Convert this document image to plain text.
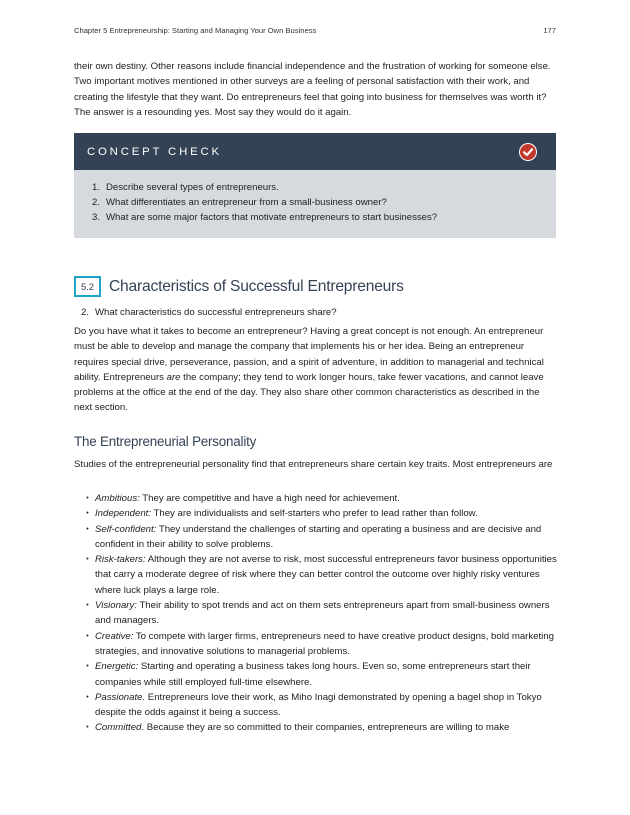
Chapter 5 Entrepreneurship: Starting and Managing Your Own Business	177
their own destiny. Other reasons include financial independence and the frustration of working for someone else. Two important motives mentioned in other surveys are a feeling of personal satisfaction with their work, and creating the lifestyle that they want. Do entrepreneurs feel that going into business for themselves was worth it? The answer is a resounding yes. Most say they would do it again.
CONCEPT CHECK
1. Describe several types of entrepreneurs.
2. What differentiates an entrepreneur from a small-business owner?
3. What are some major factors that motivate entrepreneurs to start businesses?
5.2 Characteristics of Successful Entrepreneurs
2. What characteristics do successful entrepreneurs share?
Do you have what it takes to become an entrepreneur? Having a great concept is not enough. An entrepreneur must be able to develop and manage the company that implements his or her idea. Being an entrepreneur requires special drive, perseverance, passion, and a spirit of adventure, in addition to managerial and technical ability. Entrepreneurs are the company; they tend to work longer hours, take fewer vacations, and cannot leave problems at the office at the end of the day. They also share other common characteristics as described in the next section.
The Entrepreneurial Personality
Studies of the entrepreneurial personality find that entrepreneurs share certain key traits. Most entrepreneurs are
• Ambitious: They are competitive and have a high need for achievement.
• Independent: They are individualists and self-starters who prefer to lead rather than follow.
• Self-confident: They understand the challenges of starting and operating a business and are decisive and confident in their ability to solve problems.
• Risk-takers: Although they are not averse to risk, most successful entrepreneurs favor business opportunities that carry a moderate degree of risk where they can better control the outcome over highly risky ventures where luck plays a large role.
• Visionary: Their ability to spot trends and act on them sets entrepreneurs apart from small-business owners and managers.
• Creative: To compete with larger firms, entrepreneurs need to have creative product designs, bold marketing strategies, and innovative solutions to managerial problems.
• Energetic: Starting and operating a business takes long hours. Even so, some entrepreneurs start their companies while still employed full-time elsewhere.
• Passionate. Entrepreneurs love their work, as Miho Inagi demonstrated by opening a bagel shop in Tokyo despite the odds against it being a success.
• Committed. Because they are so committed to their companies, entrepreneurs are willing to make
